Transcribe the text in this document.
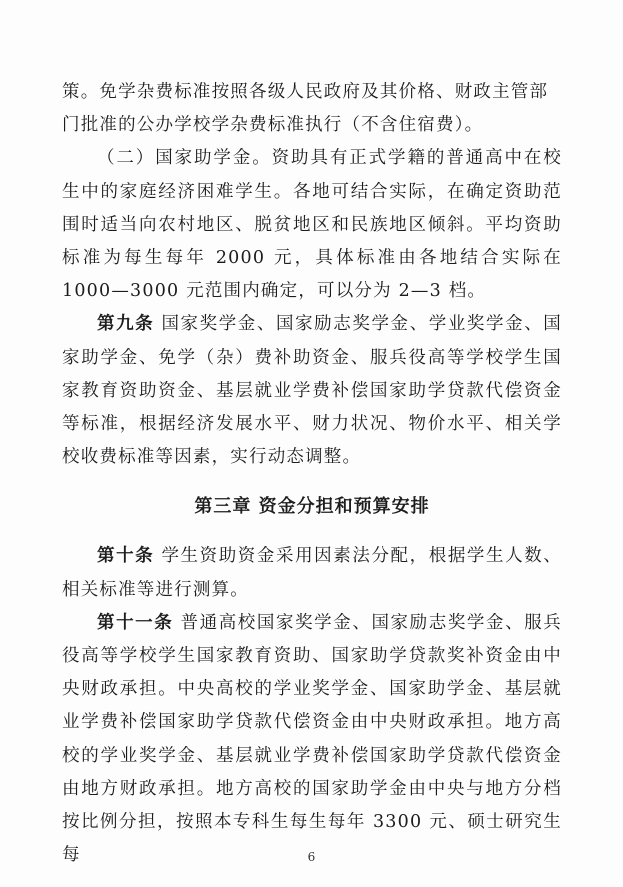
策。免学杂费标准按照各级人民政府及其价格、财政主管部
门批准的公办学校学杂费标准执行（不含住宿费）。

（二）国家助学金。资助具有正式学籍的普通高中在校生中的家庭经济困难学生。各地可结合实际，在确定资助范围时适当向农村地区、脱贫地区和民族地区倾斜。平均资助标准为每生每年 2000 元，具体标准由各地结合实际在1000—3000 元范围内确定，可以分为 2—3 档。

第九条 国家奖学金、国家励志奖学金、学业奖学金、国家助学金、免学（杂）费补助资金、服兵役高等学校学生国家教育资助资金、基层就业学费补偿国家助学贷款代偿资金等标准，根据经济发展水平、财力状况、物价水平、相关学校收费标准等因素，实行动态调整。

第三章 资金分担和预算安排

第十条 学生资助资金采用因素法分配，根据学生人数、相关标准等进行测算。

第十一条 普通高校国家奖学金、国家励志奖学金、服兵役高等学校学生国家教育资助、国家助学贷款奖补资金由中央财政承担。中央高校的学业奖学金、国家助学金、基层就业学费补偿国家助学贷款代偿资金由中央财政承担。地方高校的学业奖学金、基层就业学费补偿国家助学贷款代偿资金由地方财政承担。地方高校的国家助学金由中央与地方分档按比例分担，按照本专科生每生每年 3300 元、硕士研究生每	6
